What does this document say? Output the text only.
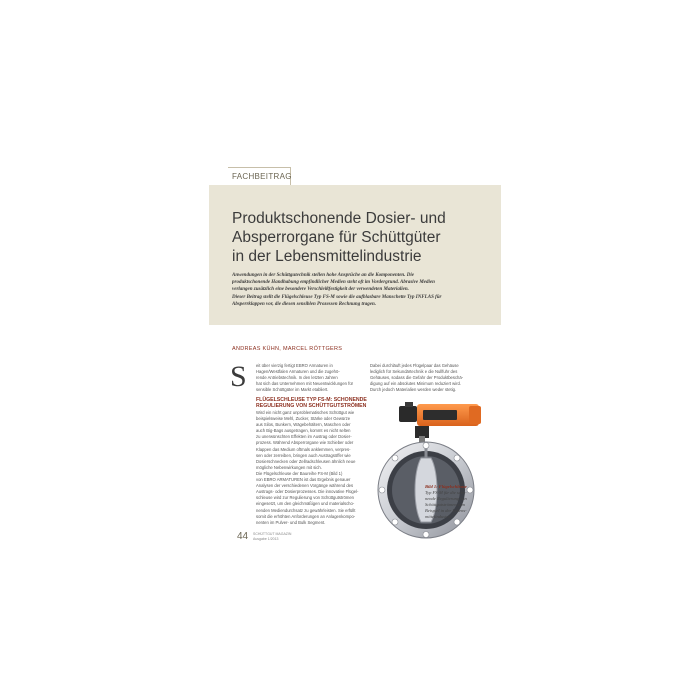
FACHBEITRAG
Produktschonende Dosier- und
Absperrorgane für Schüttgüter
in der Lebensmittelindustrie
Anwendungen in der Schüttgutechnik stellen hohe Ansprüche an die Komponenten. Die
produktschonende Handhabung empfindlicher Medien steht oft im Vordergrund. Abrasive Medien
verlangen zusätzlich eine besondere Verschleißfestigkeit der verwendeten Materialien.
Dieser Beitrag stellt die Flügelschleuse Typ FS-M sowie die aufblasbare Manschette Typ INFLAS für
Absperrklappen vor, die diesen sensiblen Prozessen Rechnung tragen.
ANDREAS KÜHN, MARCEL RÖTTGERS
S eit über vierzig fertigt EBRO Armaturen in
Hagen/Westfalen Armaturen und die zugehö-
rende Antriebstechnik. In den letzten Jahren
hat sich das Unternehmen mit Neuentwicklungen für
sensible Schüttgüter im Markt etabliert.
Dabei durchläuft jedes Flügelpaar das Gehäuse
lediglich für Sekundärtechnik e die Nullfuhr des
Gehäuses, sodass die Gefahr der Produktbeschä-
digung auf ein absolutes Minimum reduziert wird.
Durch jedoch Materialien werden weder stetig.
FLÜGELSCHLEUSE TYP FS-M: SCHONENDE
REGULIERUNG VON SCHÜTTGUTSTRÖMEN
Wird ein nicht ganz unproblematisches Schüttgut wie
beispielsweise Mehl, Zucker, Stärke oder Gewürze
aus Silos, Bunkern, Wägebehältern, Maschen oder
auch Big-Bags ausgetragen, kommt es nicht selten
zu unerwünschten Effekten im Austrag oder Dosier-
prozess. Während Absperrorgane wie Schieber oder
Klappen das Medium oftmals anklemmen, verpres-
sen oder zerreiben, bringen auch Austragsöffer wie
Dosierschnecken oder Zellradschleusen ähnlich neue
mögliche Nebenwirkungen mit sich.
Die Flügelschleuse der Baureihe FS-M (Bild 1)
von EBRO ARMATUREN ist das Ergebnis genauer
Analysen der verschiedenen Vorgänge während des
Austrags- oder Dosierprozesses. Die innovative Flügel-
schleuse wird zur Regulierung von Schüttgutströmen
eingesetzt, um den gleichmäßigen und materialscho-
nenden Mediendurchsatz zu gewährleisten. Sie erfüllt
somit die erhöhten Anforderungen an Anlagenkompo-
nenten im Pulver- und Bulk Segment.
Bild 1: Flügelschleuse
Typ FS-M für die scho-
nende Regulierung von
Schüttgutströmen zum
Beispiel in der Lebens-
mittelindustrie
44 SCHÜTTGUT MAGAZIN
Ausgabe 1/2013
